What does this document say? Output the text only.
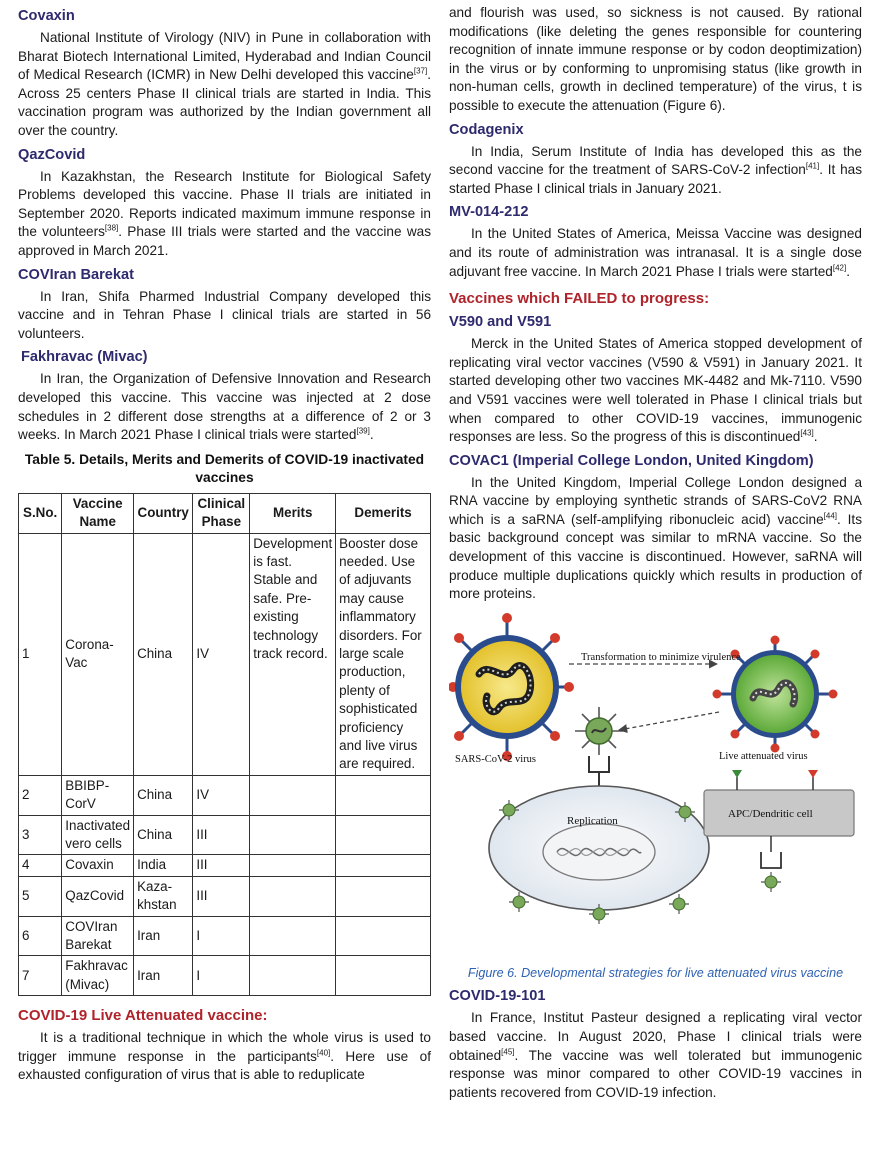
Covaxin

National Institute of Virology (NIV) in Pune in collaboration with Bharat Biotech International Limited, Hyderabad and Indian Council of Medical Research (ICMR) in New Delhi developed this vaccine[37]. Across 25 centers Phase II clinical trials are started in India. This vaccination program was authorized by the Indian government all over the country.

QazCovid

In Kazakhstan, the Research Institute for Biological Safety Problems developed this vaccine. Phase II trials are initiated in September 2020. Reports indicated maximum immune response in the volunteers[38]. Phase III trials were started and the vaccine was approved in March 2021.

COVIran Barekat

In Iran, Shifa Pharmed Industrial Company developed this vaccine and in Tehran Phase I clinical trials are started in 56 volunteers.

Fakhravac (Mivac)

In Iran, the Organization of Defensive Innovation and Research developed this vaccine. This vaccine was injected at 2 dose schedules in 2 different dose strengths at a difference of 2 or 3 weeks. In March 2021 Phase I clinical trials were started[39].

Table 5. Details, Merits and Demerits of COVID-19 inactivated vaccines
S.No.	Vaccine Name	Country	Clinical Phase	Merits	Demerits
1	Corona-Vac	China	IV	Development is fast. Stable and safe. Pre-existing technology track record.	Booster dose needed. Use of adjuvants may cause inflammatory disorders. For large scale production, plenty of sophisticated proficiency and live virus are required.
2	BBIBP-CorV	China	IV		
3	Inactivated vero cells	China	III		
4	Covaxin	India	III		
5	QazCovid	Kaza-khstan	III		
6	COVIran Barekat	Iran	I		
7	Fakhravac (Mivac)	Iran	I		
COVID-19 Live Attenuated vaccine:

It is a traditional technique in which the whole virus is used to trigger immune response in the participants[40]. Here use of exhausted configuration of virus that is able to reduplicate

and flourish was used, so sickness is not caused. By rational modifications (like deleting the genes responsible for countering recognition of innate immune response or by codon deoptimization) in the virus or by conforming to unpromising status (like growth in non-human cells, growth in declined temperature) of the virus, t is possible to execute the attenuation (Figure 6).

Codagenix

In India, Serum Institute of India has developed this as the second vaccine for the treatment of SARS-CoV-2 infection[41]. It has started Phase I clinical trials in January 2021.

MV-014-212

In the United States of America, Meissa Vaccine was designed and its route of administration was intranasal. It is a single dose adjuvant free vaccine. In March 2021 Phase I trials were started[42].

Vaccines which FAILED to progress:
V590 and V591

Merck in the United States of America stopped development of replicating viral vector vaccines (V590 & V591) in January 2021. It started developing other two vaccines MK-4482 and Mk-7110. V590 and V591 vaccines were well tolerated in Phase I clinical trials but when compared to other COVID-19 vaccines, immunogenic responses are less. So the progress of this is discontinued[43].

COVAC1 (Imperial College London, United Kingdom)

In the United Kingdom, Imperial College London designed a RNA vaccine by employing synthetic strands of SARS-CoV2 RNA which is a saRNA (self-amplifying ribonucleic acid) vaccine[44]. Its basic background concept was similar to mRNA vaccine. So the development of this vaccine is discontinued. However, saRNA will produce multiple duplications quickly which results in production of more proteins.

SARS-CoV-2 virus	Live attenuated virus
Transformation to minimize virulence
Replication
APC/Dendritic cell
Figure 6. Developmental strategies for live attenuated virus vaccine
COVID-19-101

In France, Institut Pasteur designed a replicating viral vector based vaccine. In August 2020, Phase I clinical trials were obtained[45]. The vaccine was well tolerated but immunogenic response was minor compared to other COVID-19 vaccines in patients recovered from COVID-19 infection.
